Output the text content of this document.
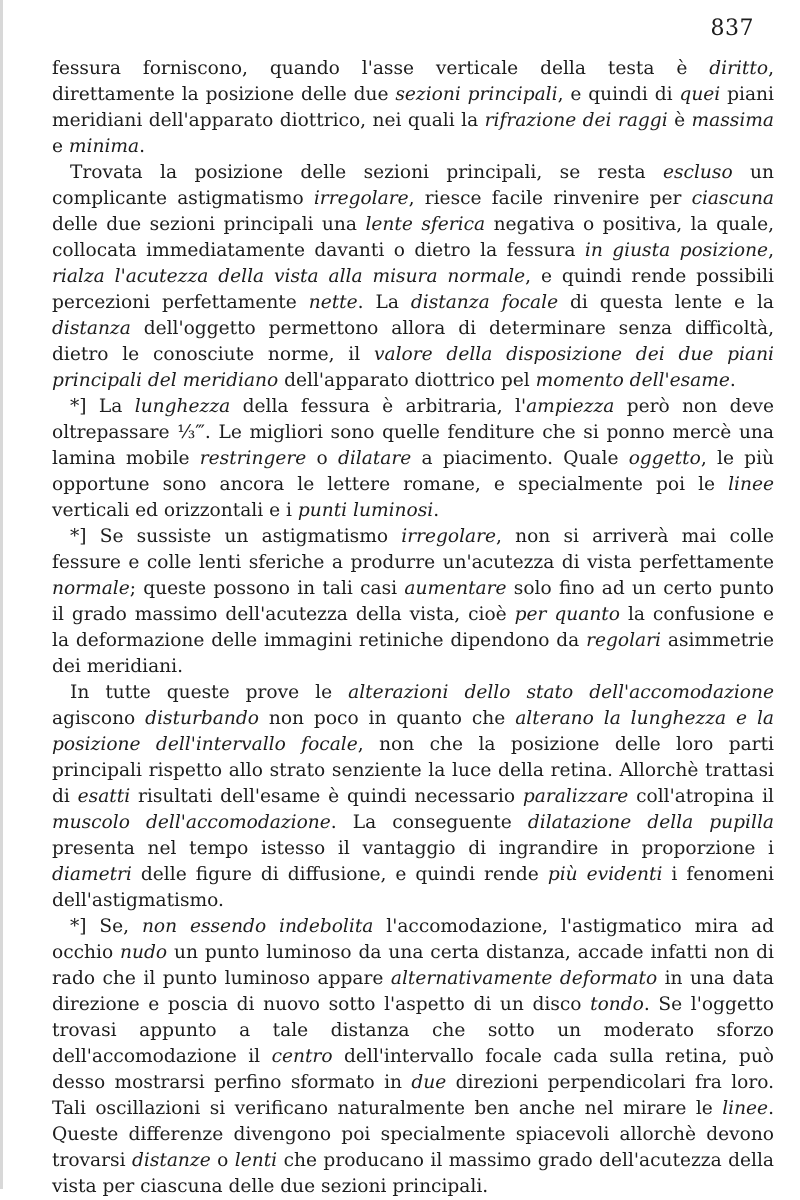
837

fessura forniscono, quando l'asse verticale della testa è diritto, direttamente la posizione delle due sezioni principali, e quindi di quei piani meridiani dell'apparato diottrico, nei quali la rifrazione dei raggi è massima e minima.

Trovata la posizione delle sezioni principali, se resta escluso un complicante astigmatismo irregolare, riesce facile rinvenire per ciascuna delle due sezioni principali una lente sferica negativa o positiva, la quale, collocata immediatamente davanti o dietro la fessura in giusta posizione, rialza l'acutezza della vista alla misura normale, e quindi rende possibili percezioni perfettamente nette. La distanza focale di questa lente e la distanza dell'oggetto permettono allora di determinare senza difficoltà, dietro le conosciute norme, il valore della disposizione dei due piani principali del meridiano dell'apparato diottrico pel momento dell'esame.

*] La lunghezza della fessura è arbitraria, l'ampiezza però non deve oltrepassare ⅓‴. Le migliori sono quelle fenditure che si ponno mercè una lamina mobile restringere o dilatare a piacimento. Quale oggetto, le più opportune sono ancora le lettere romane, e specialmente poi le linee verticali ed orizzontali e i punti luminosi.

*] Se sussiste un astigmatismo irregolare, non si arriverà mai colle fessure e colle lenti sferiche a produrre un'acutezza di vista perfettamente normale; queste possono in tali casi aumentare solo fino ad un certo punto il grado massimo dell'acutezza della vista, cioè per quanto la confusione e la deformazione delle immagini retiniche dipendono da regolari asimmetrie dei meridiani.

In tutte queste prove le alterazioni dello stato dell'accomodazione agiscono disturbando non poco in quanto che alterano la lunghezza e la posizione dell'intervallo focale, non che la posizione delle loro parti principali rispetto allo strato senziente la luce della retina. Allorchè trattasi di esatti risultati dell'esame è quindi necessario paralizzare coll'atropina il muscolo dell'accomodazione. La conseguente dilatazione della pupilla presenta nel tempo istesso il vantaggio di ingrandire in proporzione i diametri delle figure di diffusione, e quindi rende più evidenti i fenomeni dell'astigmatismo.

*] Se, non essendo indebolita l'accomodazione, l'astigmatico mira ad occhio nudo un punto luminoso da una certa distanza, accade infatti non di rado che il punto luminoso appare alternativamente deformato in una data direzione e poscia di nuovo sotto l'aspetto di un disco tondo. Se l'oggetto trovasi appunto a tale distanza che sotto un moderato sforzo dell'accomodazione il centro dell'intervallo focale cada sulla retina, può desso mostrarsi perfino sformato in due direzioni perpendicolari fra loro. Tali oscillazioni si verificano naturalmente ben anche nel mirare le linee. Queste differenze divengono poi specialmente spiacevoli allorchè devono trovarsi distanze o lenti che producano il massimo grado dell'acutezza della vista per ciascuna delle due sezioni principali.
